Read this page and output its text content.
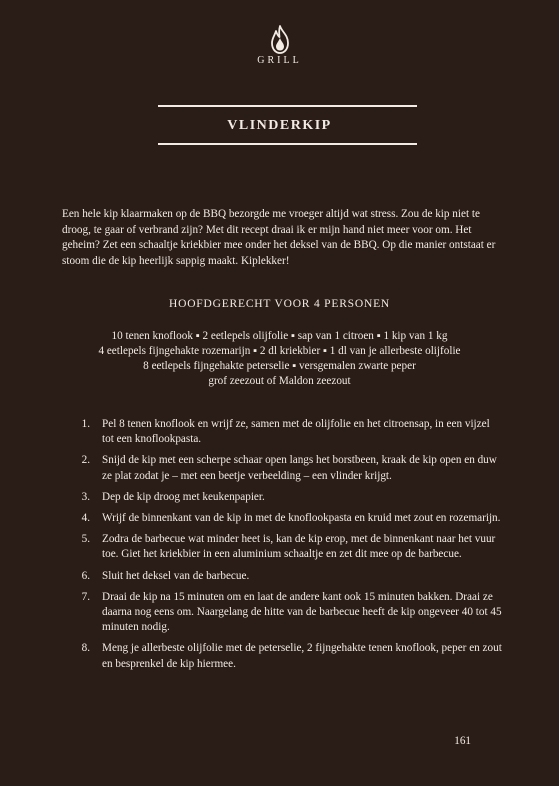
GRILL
VLINDERKIP

Een hele kip klaarmaken op de BBQ bezorgde me vroeger altijd wat stress. Zou de kip niet te droog, te gaar of verbrand zijn? Met dit recept draai ik er mijn hand niet meer voor om. Het geheim? Zet een schaaltje kriekbier mee onder het deksel van de BBQ. Op die manier ontstaat er stoom die de kip heerlijk sappig maakt. Kiplekker!

HOOFDGERECHT VOOR 4 PERSONEN
10 tenen knoflook ▪ 2 eetlepels olijfolie ▪ sap van 1 citroen ▪ 1 kip van 1 kg
4 eetlepels fijngehakte rozemarijn ▪ 2 dl kriekbier ▪ 1 dl van je allerbeste olijfolie
8 eetlepels fijngehakte peterselie ▪ versgemalen zwarte peper
grof zeezout of Maldon zeezout
1.	Pel 8 tenen knoflook en wrijf ze, samen met de olijfolie en het citroensap, in een vijzel tot een knoflookpasta.
2.	Snijd de kip met een scherpe schaar open langs het borstbeen, kraak de kip open en duw ze plat zodat je – met een beetje verbeelding – een vlinder krijgt.
3.	Dep de kip droog met keukenpapier.
4.	Wrijf de binnenkant van de kip in met de knoflookpasta en kruid met zout en rozemarijn.
5.	Zodra de barbecue wat minder heet is, kan de kip erop, met de binnenkant naar het vuur toe. Giet het kriekbier in een aluminium schaaltje en zet dit mee op de barbecue.
6.	Sluit het deksel van de barbecue.
7.	Draai de kip na 15 minuten om en laat de andere kant ook 15 minuten bakken. Draai ze daarna nog eens om. Naargelang de hitte van de barbecue heeft de kip ongeveer 40 tot 45 minuten nodig.
8.	Meng je allerbeste olijfolie met de peterselie, 2 fijngehakte tenen knoflook, peper en zout en besprenkel de kip hiermee.
161
